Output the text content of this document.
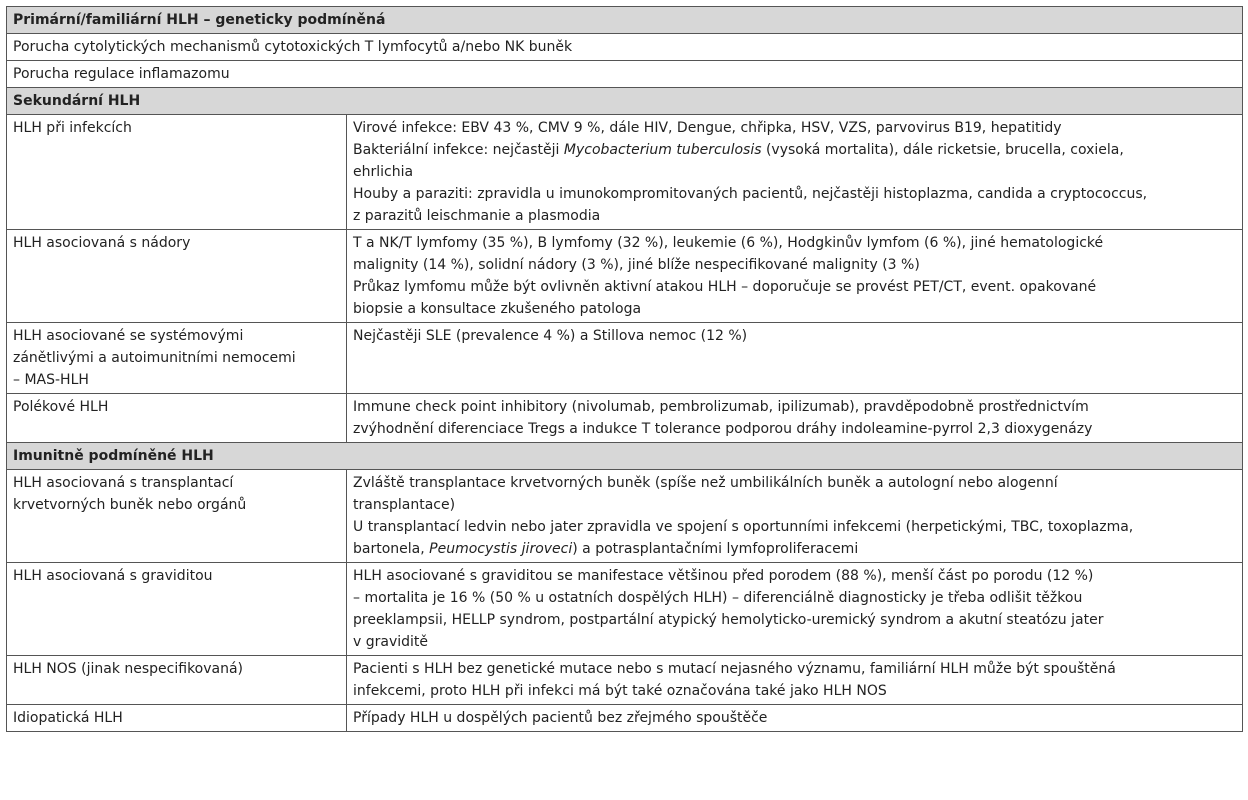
Primární/familiární HLH – geneticky podmíněná	
Porucha cytolytických mechanismů cytotoxických T lymfocytů a/nebo NK buněk	
Porucha regulace inflamazomu	
Sekundární HLH	
HLH při infekcích	Virové infekce: EBV 43 %, CMV 9 %, dále HIV, Dengue, chřipka, HSV, VZS, parvovirus B19, hepatitidy
Bakteriální infekce: nejčastěji Mycobacterium tuberculosis (vysoká mortalita), dále ricketsie, brucella, coxiela,
ehrlichia
Houby a paraziti: zpravidla u imunokompromitovaných pacientů, nejčastěji histoplazma, candida a cryptococcus,
z parazitů leischmanie a plasmodia

HLH asociovaná s nádory	T a NK/T lymfomy (35 %), B lymfomy (32 %), leukemie (6 %), Hodgkinův lymfom (6 %), jiné hematologické
malignity (14 %), solidní nádory (3 %), jiné blíže nespecifikované malignity (3 %)
Průkaz lymfomu může být ovlivněn aktivní atakou HLH – doporučuje se provést PET/CT, event. opakované
biopsie a konsultace zkušeného patologa

HLH asociované se systémovými
zánětlivými a autoimunitními nemocemi
– MAS-HLH	Nejčastěji SLE (prevalence 4 %) a Stillova nemoc (12 %)

Polékové HLH	Immune check point inhibitory (nivolumab, pembrolizumab, ipilizumab), pravděpodobně prostřednictvím
zvýhodnění diferenciace Tregs a indukce T tolerance podporou dráhy indoleamine-pyrrol 2,3 dioxygenázy

Imunitně podmíněné HLH	

HLH asociovaná s transplantací
krvetvorných buněk nebo orgánů	Zvláště transplantace krvetvorných buněk (spíše než umbilikálních buněk a autologní nebo alogenní
transplantace)
U transplantací ledvin nebo jater zpravidla ve spojení s oportunními infekcemi (herpetickými, TBC, toxoplazma,
bartonela, Peumocystis jiroveci) a potrasplantačními lymfoproliferacemi

HLH asociovaná s graviditou	HLH asociované s graviditou se manifestace většinou před porodem (88 %), menší část po porodu (12 %)
– mortalita je 16 % (50 % u ostatních dospělých HLH) – diferenciálně diagnosticky je třeba odlišit těžkou
preeklampsii, HELLP syndrom, postpartální atypický hemolyticko-uremický syndrom a akutní steatózu jater
v graviditě

HLH NOS (jinak nespecifikovaná)	Pacienti s HLH bez genetické mutace nebo s mutací nejasného významu, familiární HLH může být spouštěná
infekcemi, proto HLH při infekci má být také označována také jako HLH NOS

Idiopatická HLH	Případy HLH u dospělých pacientů bez zřejmého spouštěče
